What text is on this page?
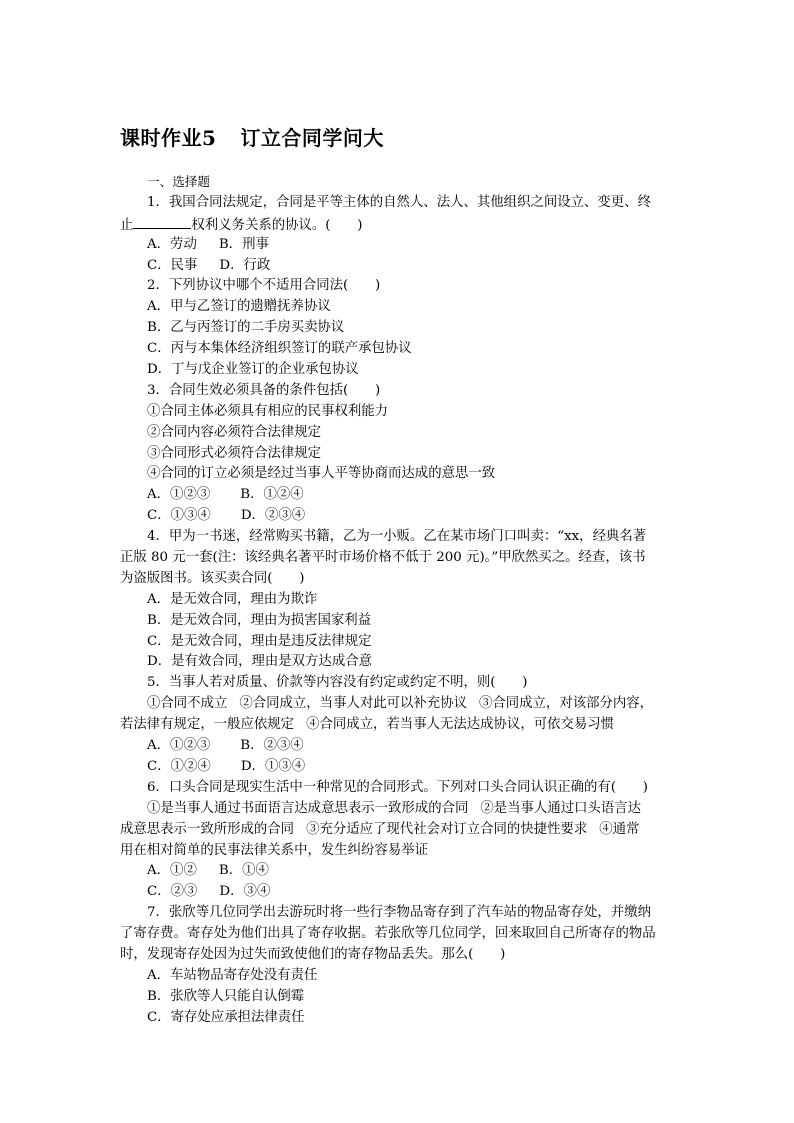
课时作业5 订立合同学问大
一、选择题
1．我国合同法规定，合同是平等主体的自然人、法人、其他组织之间设立、变更、终
止	权利义务关系的协议。(　　)
A．劳动 B．刑事
C．民事 D．行政
2．下列协议中哪个不适用合同法(　　)
A．甲与乙签订的遗赠抚养协议
B．乙与丙签订的二手房买卖协议
C．丙与本集体经济组织签订的联产承包协议
D．丁与戊企业签订的企业承包协议
3．合同生效必须具备的条件包括(　　)
①合同主体必须具有相应的民事权利能力
②合同内容必须符合法律规定
③合同形式必须符合法律规定
④合同的订立必须是经过当事人平等协商而达成的意思一致
A．①②③ B．①②④
C．①③④ D．②③④
4．甲为一书迷，经常购买书籍，乙为一小贩。乙在某市场门口叫卖：“xx，经典名著
正版 80 元一套(注：该经典名著平时市场价格不低于 200 元)。”甲欣然买之。经查，该书
为盗版图书。该买卖合同(　　)
A．是无效合同，理由为欺诈
B．是无效合同，理由为损害国家利益
C．是无效合同，理由是违反法律规定
D．是有效合同，理由是双方达成合意
5．当事人若对质量、价款等内容没有约定或约定不明，则(　　)
①合同不成立 ②合同成立，当事人对此可以补充协议 ③合同成立，对该部分内容，
若法律有规定，一般应依规定 ④合同成立，若当事人无法达成协议，可依交易习惯
A．①②③ B．②③④
C．①②④ D．①③④
6．口头合同是现实生活中一种常见的合同形式。下列对口头合同认识正确的有(　　)
①是当事人通过书面语言达成意思表示一致形成的合同 ②是当事人通过口头语言达
成意思表示一致所形成的合同 ③充分适应了现代社会对订立合同的快捷性要求 ④通常
用在相对简单的民事法律关系中，发生纠纷容易举证
A．①② B．①④
C．②③ D．③④
7．张欣等几位同学出去游玩时将一些行李物品寄存到了汽车站的物品寄存处，并缴纳
了寄存费。寄存处为他们出具了寄存收据。若张欣等几位同学，回来取回自己所寄存的物品
时，发现寄存处因为过失而致使他们的寄存物品丢失。那么(　　)
A．车站物品寄存处没有责任
B．张欣等人只能自认倒霉
C．寄存处应承担法律责任
